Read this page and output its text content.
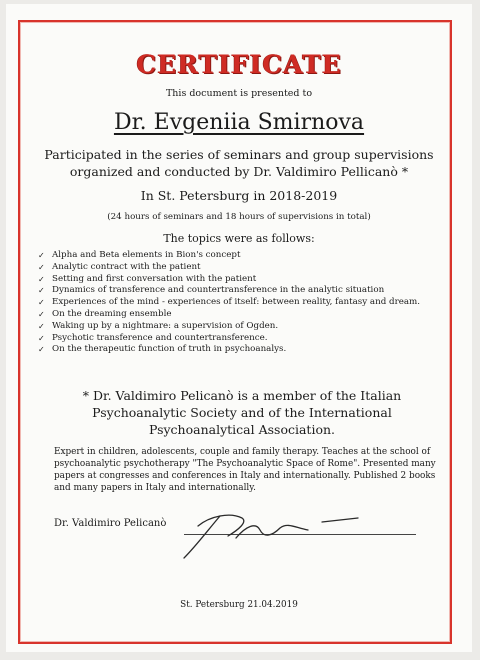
CERTIFICATE
This document is presented to
Dr. Evgeniia Smirnova
Participated in the series of seminars and group supervisions organized and conducted by Dr. Valdimiro Pellicanò *
In St. Petersburg in 2018-2019
(24 hours of seminars and 18 hours of supervisions in total)
The topics were as follows:
✓ Alpha and Beta elements in Bion's concept
✓ Analytic contract with the patient
✓ Setting and first conversation with the patient
✓ Dynamics of transference and countertransference in the analytic situation
✓ Experiences of the mind - experiences of itself: between reality, fantasy and dream.
✓ On the dreaming ensemble
✓ Waking up by a nightmare: a supervision of Ogden.
✓ Psychotic transference and countertransference.
✓ On the therapeutic function of truth in psychoanalys.
* Dr. Valdimiro Pelicanò is a member of the Italian Psychoanalytic Society and of the International Psychoanalytical Association.
Expert in children, adolescents, couple and family therapy. Teaches at the school of psychoanalytic psychotherapy "The Psychoanalytic Space of Rome". Presented many papers at congresses and conferences in Italy and internationally. Published 2 books and many papers in Italy and internationally.
Dr. Valdimiro Pelicanò
St. Petersburg 21.04.2019
